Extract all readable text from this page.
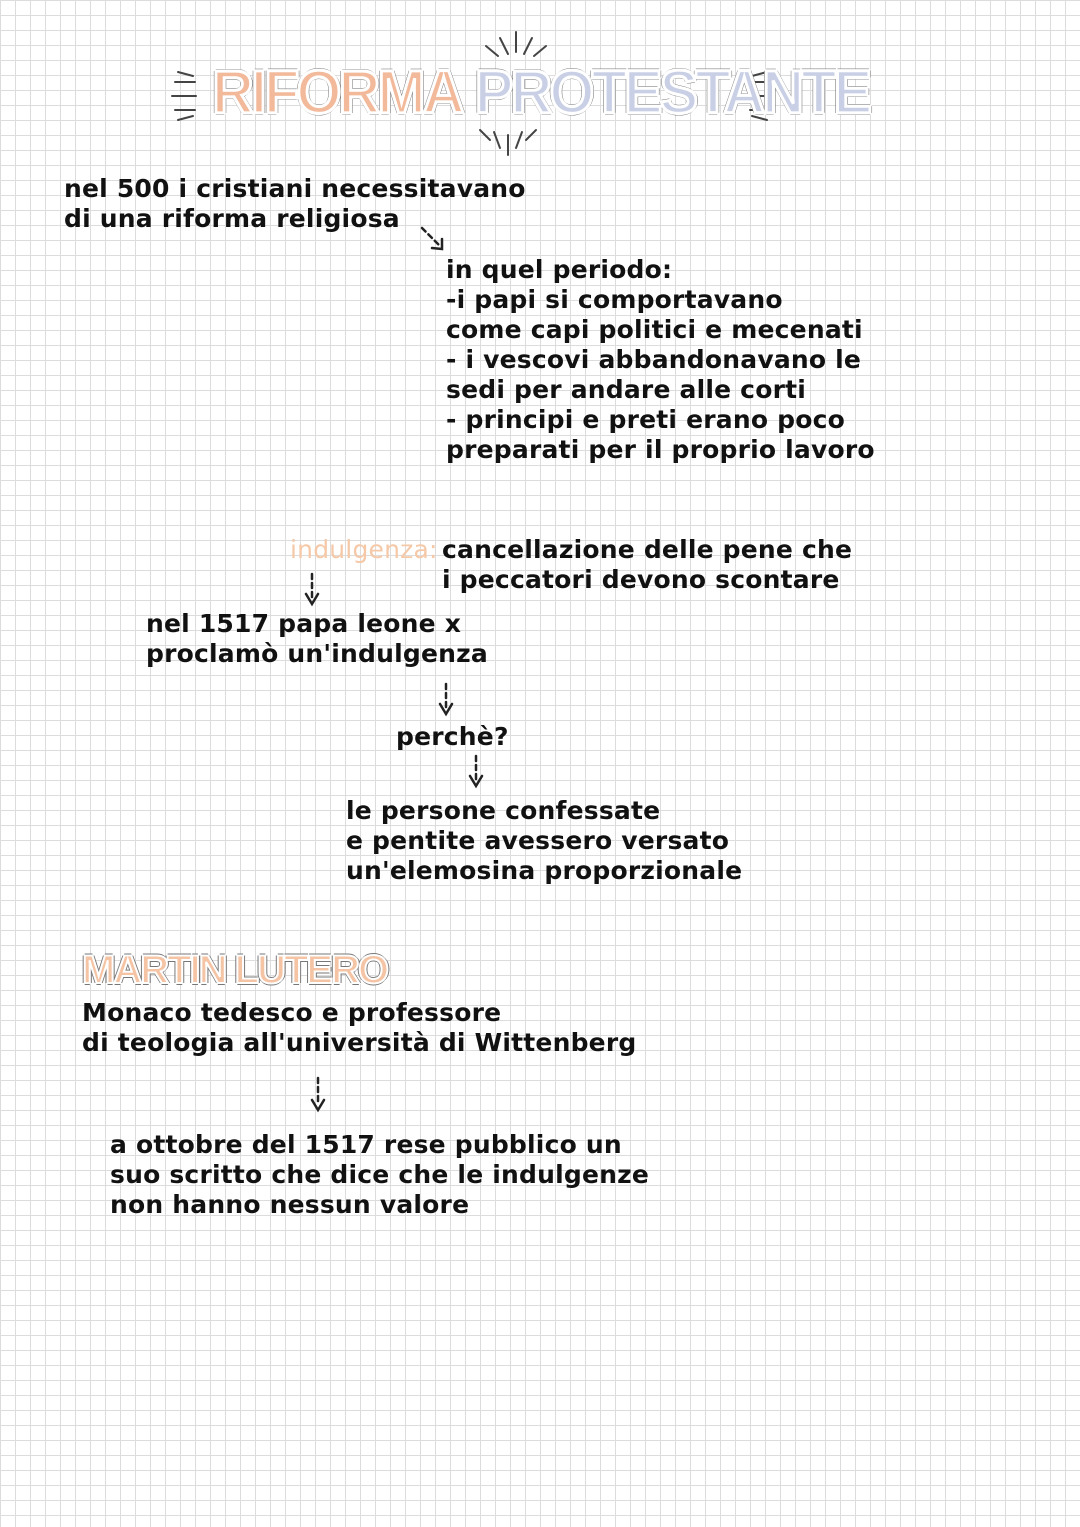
RIFORMA PROTESTANTE
nel 500 i cristiani necessitavano
di una riforma religiosa
in quel periodo:
-i papi si comportavano
come capi politici e mecenati
- i vescovi abbandonavano le
sedi per andare alle corti
- principi e preti erano poco
preparati per il proprio lavoro
indulgenza: cancellazione delle pene che
i peccatori devono scontare
nel 1517 papa leone x
proclamò un'indulgenza
perchè?
le persone confessate
e pentite avessero versato
un'elemosina proporzionale
MARTIN LUTERO
Monaco tedesco e professore
di teologia all'università di Wittenberg
a ottobre del 1517 rese pubblico un
suo scritto che dice che le indulgenze
non hanno nessun valore
